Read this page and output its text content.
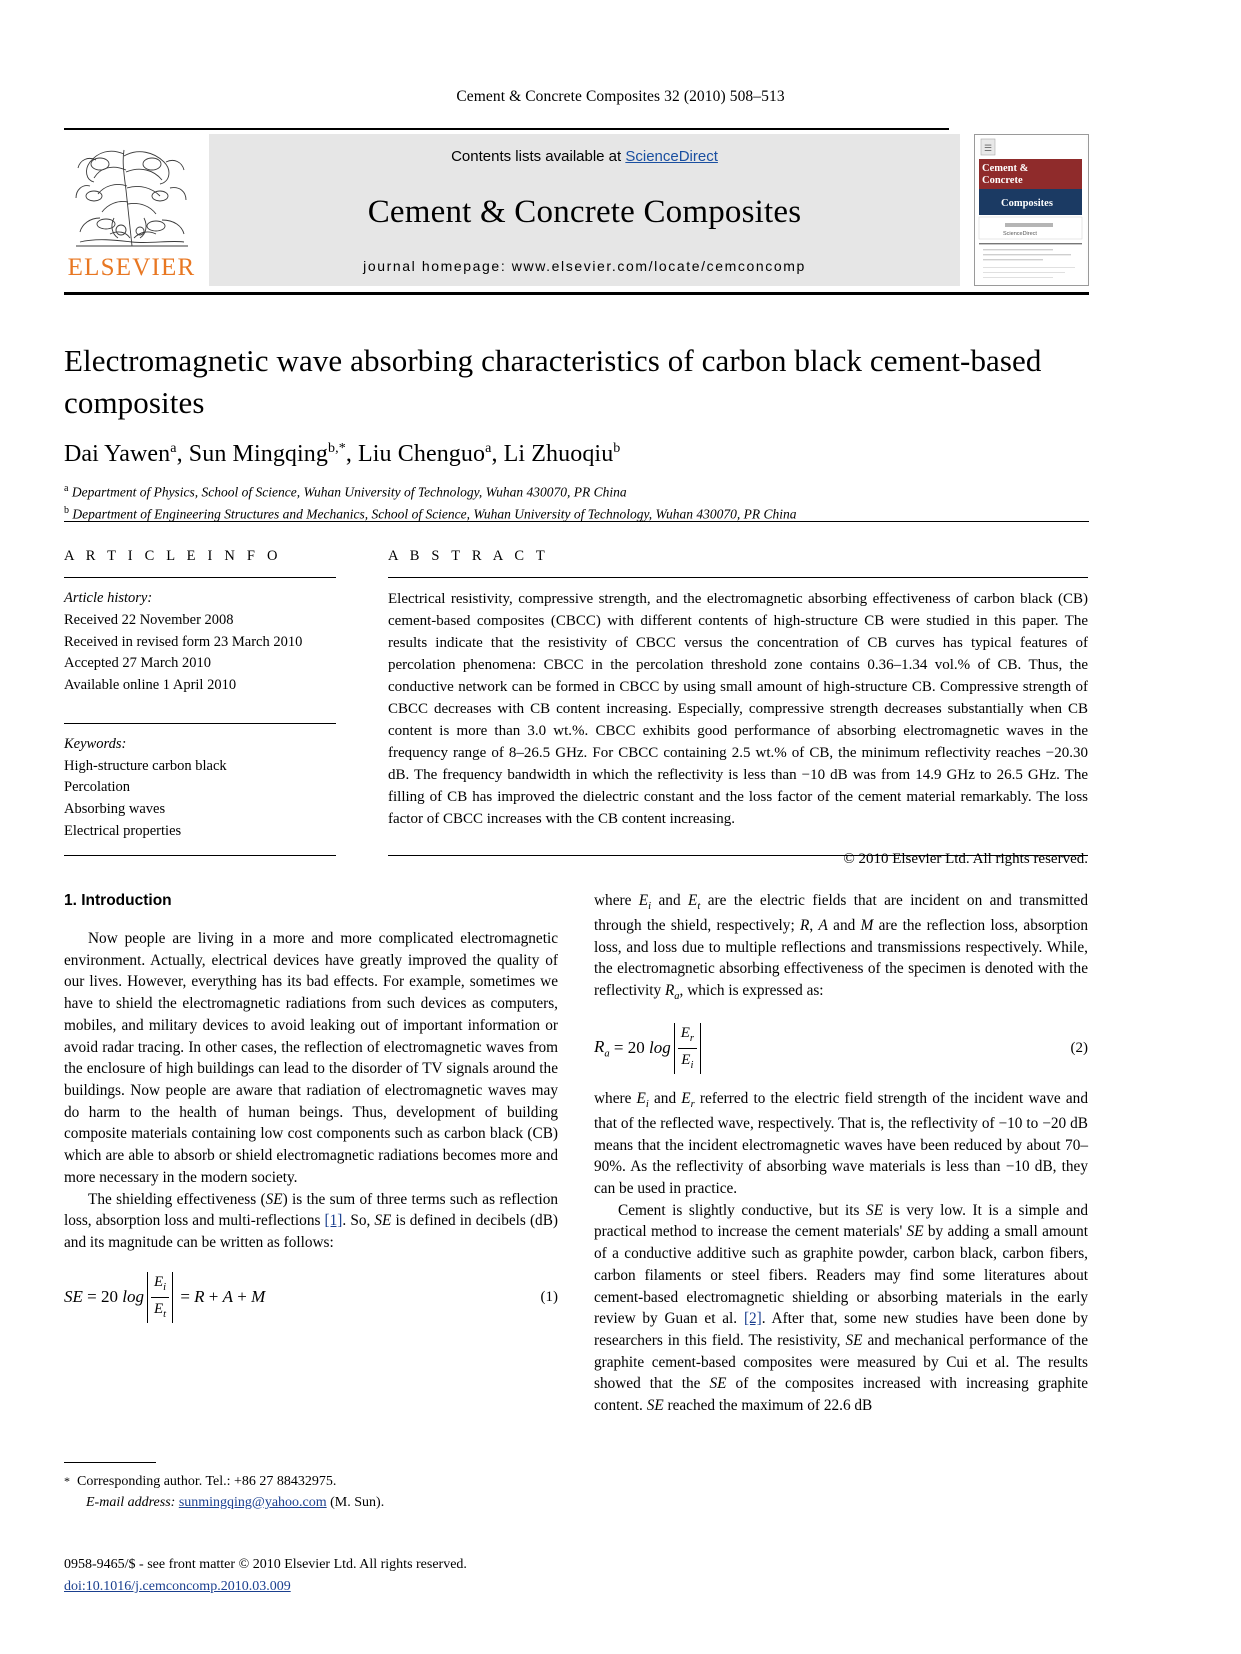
Cement & Concrete Composites 32 (2010) 508–513
ELSEVIER
Contents lists available at ScienceDirect
Cement & Concrete Composites
journal homepage: www.elsevier.com/locate/cemconcomp
☰
Cement &
Concrete
Composites
ScienceDirect
Electromagnetic wave absorbing characteristics of carbon black cement-based composites
Dai Yawen$^a$, Sun Mingqing$^{b,*}$, Liu Chenguo$^a$, Li Zhuoqiu$^b$
$^a$ Department of Physics, School of Science, Wuhan University of Technology, Wuhan 430070, PR China
$^b$ Department of Engineering Structures and Mechanics, School of Science, Wuhan University of Technology, Wuhan 430070, PR China
A R T I C L E I N F O
Article history:
Received 22 November 2008
Received in revised form 23 March 2010
Accepted 27 March 2010
Available online 1 April 2010
Keywords:
High-structure carbon black
Percolation
Absorbing waves
Electrical properties
A B S T R A C T

Electrical resistivity, compressive strength, and the electromagnetic absorbing effectiveness of carbon black (CB) cement-based composites (CBCC) with different contents of high-structure CB were studied in this paper. The results indicate that the resistivity of CBCC versus the concentration of CB curves has typical features of percolation phenomena: CBCC in the percolation threshold zone contains 0.36–1.34 vol.% of CB. Thus, the conductive network can be formed in CBCC by using small amount of high-structure CB. Compressive strength of CBCC decreases with CB content increasing. Especially, compressive strength decreases substantially when CB content is more than 3.0 wt.%. CBCC exhibits good performance of absorbing electromagnetic waves in the frequency range of 8–26.5 GHz. For CBCC containing 2.5 wt.% of CB, the minimum reflectivity reaches −20.30 dB. The frequency bandwidth in which the reflectivity is less than −10 dB was from 14.9 GHz to 26.5 GHz. The filling of CB has improved the dielectric constant and the loss factor of the cement material remarkably. The loss factor of CBCC increases with the CB content increasing.

© 2010 Elsevier Ltd. All rights reserved.
1. Introduction

Now people are living in a more and more complicated electromagnetic environment. Actually, electrical devices have greatly improved the quality of our lives. However, everything has its bad effects. For example, sometimes we have to shield the electromagnetic radiations from such devices as computers, mobiles, and military devices to avoid leaking out of important information or avoid radar tracing. In other cases, the reflection of electromagnetic waves from the enclosure of high buildings can lead to the disorder of TV signals around the buildings. Now people are aware that radiation of electromagnetic waves may do harm to the health of human beings. Thus, development of building composite materials containing low cost components such as carbon black (CB) which are able to absorb or shield electromagnetic radiations becomes more and more necessary in the modern society.

The shielding effectiveness (SE) is the sum of three terms such as reflection loss, absorption loss and multi-reflections [1]. So, SE is defined in decibels (dB) and its magnitude can be written as follows:

SE = 20 $\log \frac{E_i}{E_t} = R + A + M$	(1)

where $E_i$ and $E_t$ are the electric fields that are incident on and transmitted through the shield, respectively; R, A and M are the reflection loss, absorption loss, and loss due to multiple reflections and transmissions respectively. While, the electromagnetic absorbing effectiveness of the specimen is denoted with the reflectivity $R_a$, which is expressed as:

$R_a = 20$ $\log \frac{E_r}{E_i}$	(2)

where $E_i$ and $E_r$ referred to the electric field strength of the incident wave and that of the reflected wave, respectively. That is, the reflectivity of −10 to −20 dB means that the incident electromagnetic waves have been reduced by about 70–90%. As the reflectivity of absorbing wave materials is less than −10 dB, they can be used in practice.

Cement is slightly conductive, but its SE is very low. It is a simple and practical method to increase the cement materials' SE by adding a small amount of a conductive additive such as graphite powder, carbon black, carbon fibers, carbon filaments or steel fibers. Readers may find some literatures about cement-based electromagnetic shielding or absorbing materials in the early review by Guan et al. [2]. After that, some new studies have been done by researchers in this field. The resistivity, SE and mechanical performance of the graphite cement-based composites were measured by Cui et al. The results showed that the SE of the composites increased with increasing graphite content. SE reached the maximum of 22.6 dB

* Corresponding author. Tel.: +86 27 88432975.
E-mail address: sunmingqing@yahoo.com (M. Sun).
0958-9465/$ - see front matter © 2010 Elsevier Ltd. All rights reserved.
doi:10.1016/j.cemconcomp.2010.03.009
